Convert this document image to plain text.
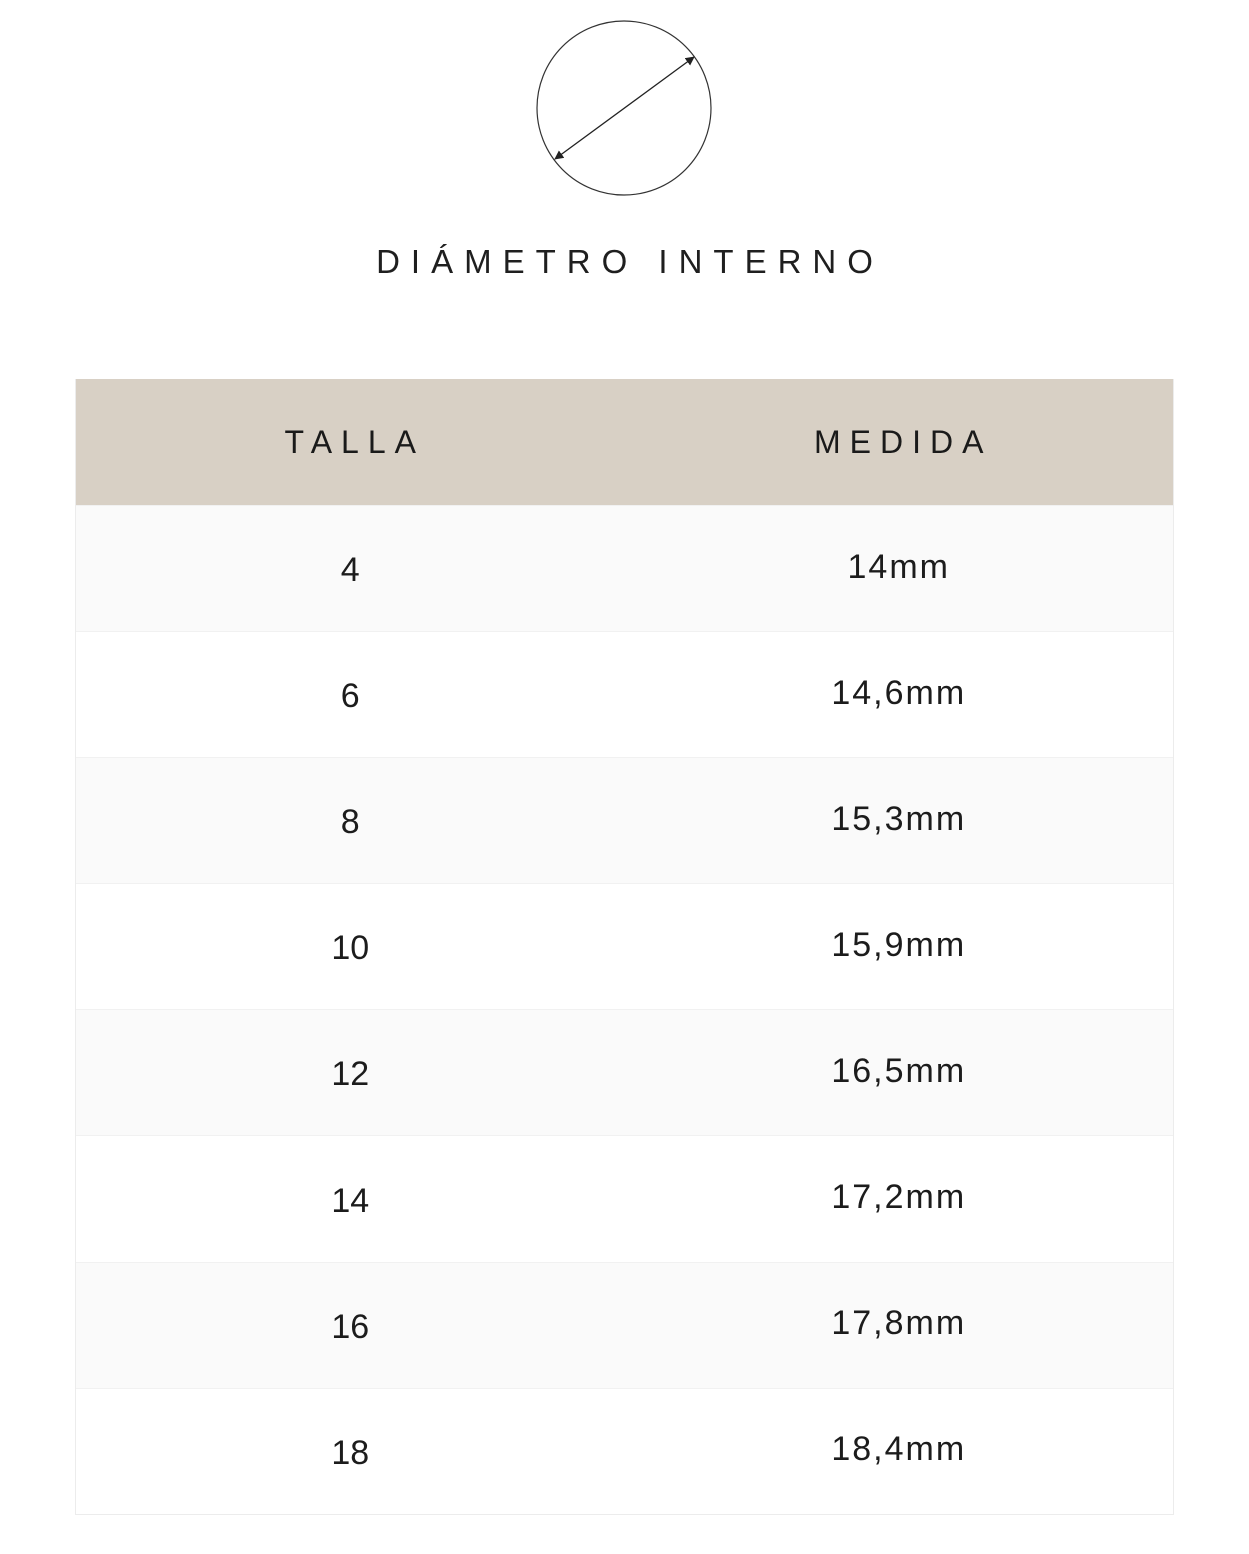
DIÁMETRO INTERNO
TALLA	MEDIDA
4	14mm
6	14,6mm
8	15,3mm
10	15,9mm
12	16,5mm
14	17,2mm
16	17,8mm
18	18,4mm
